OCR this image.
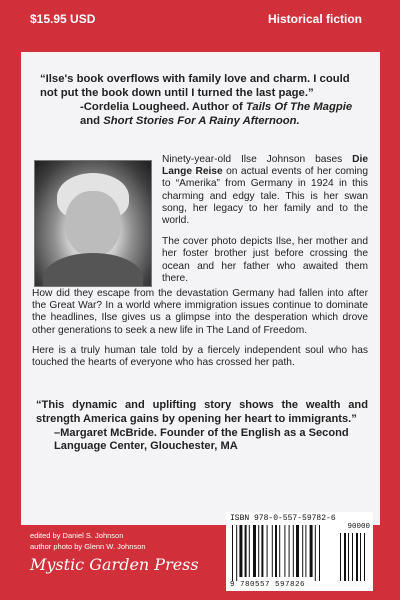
$15.95 USD	Historical fiction
“Ilse's book overflows with family love and charm. I could not put the book down until I turned the last page.”
-Cordelia Lougheed. Author of Tails Of The Magpie and Short Stories For A Rainy Afternoon.

Ninety-year-old Ilse Johnson bases Die Lange Reise on actual events of her coming to “Amerika” from Germany in 1924 in this charming and edgy tale. This is her swan song, her legacy to her family and to the world.

The cover photo depicts Ilse, her mother and her foster brother just before crossing the ocean and her father who awaited them there.

How did they escape from the devastation Germany had fallen into after the Great War? In a world where immigration issues continue to dominate the headlines, Ilse gives us a glimpse into the desperation which drove other generations to seek a new life in The Land of Freedom.

Here is a truly human tale told by a fiercely independent soul who has touched the hearts of everyone who has crossed her path.

“This dynamic and uplifting story shows the wealth and strength America gains by opening her heart to immigrants.”
–Margaret McBride. Founder of the English as a Second Language Center, Glouchester, MA
edited by Daniel S. Johnson
author photo by Glenn W. Johnson
Mystic Garden Press
ISBN 978-0-557-59782-6
9 780557 597826
90000
